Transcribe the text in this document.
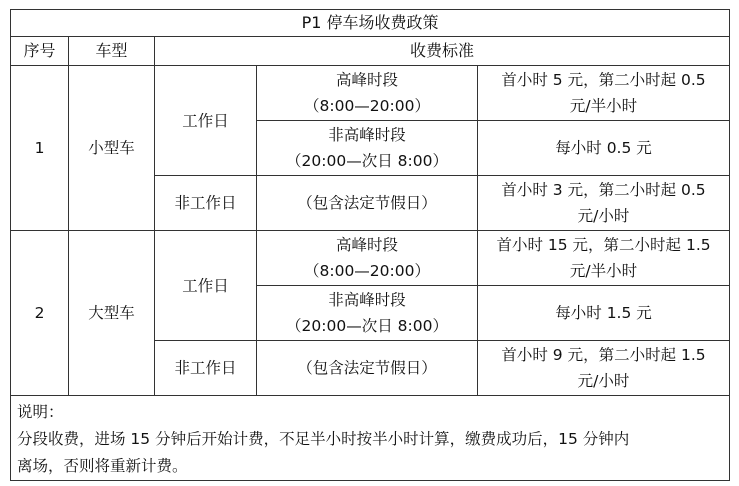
P1 停车场收费政策				
序号	车型	收费标准		
1	小型车	工作日	高峰时段
（8:00—20:00）	首小时 5 元，第二小时起 0.5
元/半小时

			非高峰时段
（20:00—次日 8:00）	每小时 0.5 元
		非工作日	（包含法定节假日）	首小时 3 元，第二小时起 0.5
元/小时

2	大型车	工作日	高峰时段
（8:00—20:00）	首小时 15 元，第二小时起 1.5
元/半小时

			非高峰时段
（20:00—次日 8:00）	每小时 1.5 元
		非工作日	（包含法定节假日）	首小时 9 元，第二小时起 1.5
元/小时

说明：
分段收费，进场 15 分钟后开始计费，不足半小时按半小时计算，缴费成功后，15 分钟内
离场，否则将重新计费。				
